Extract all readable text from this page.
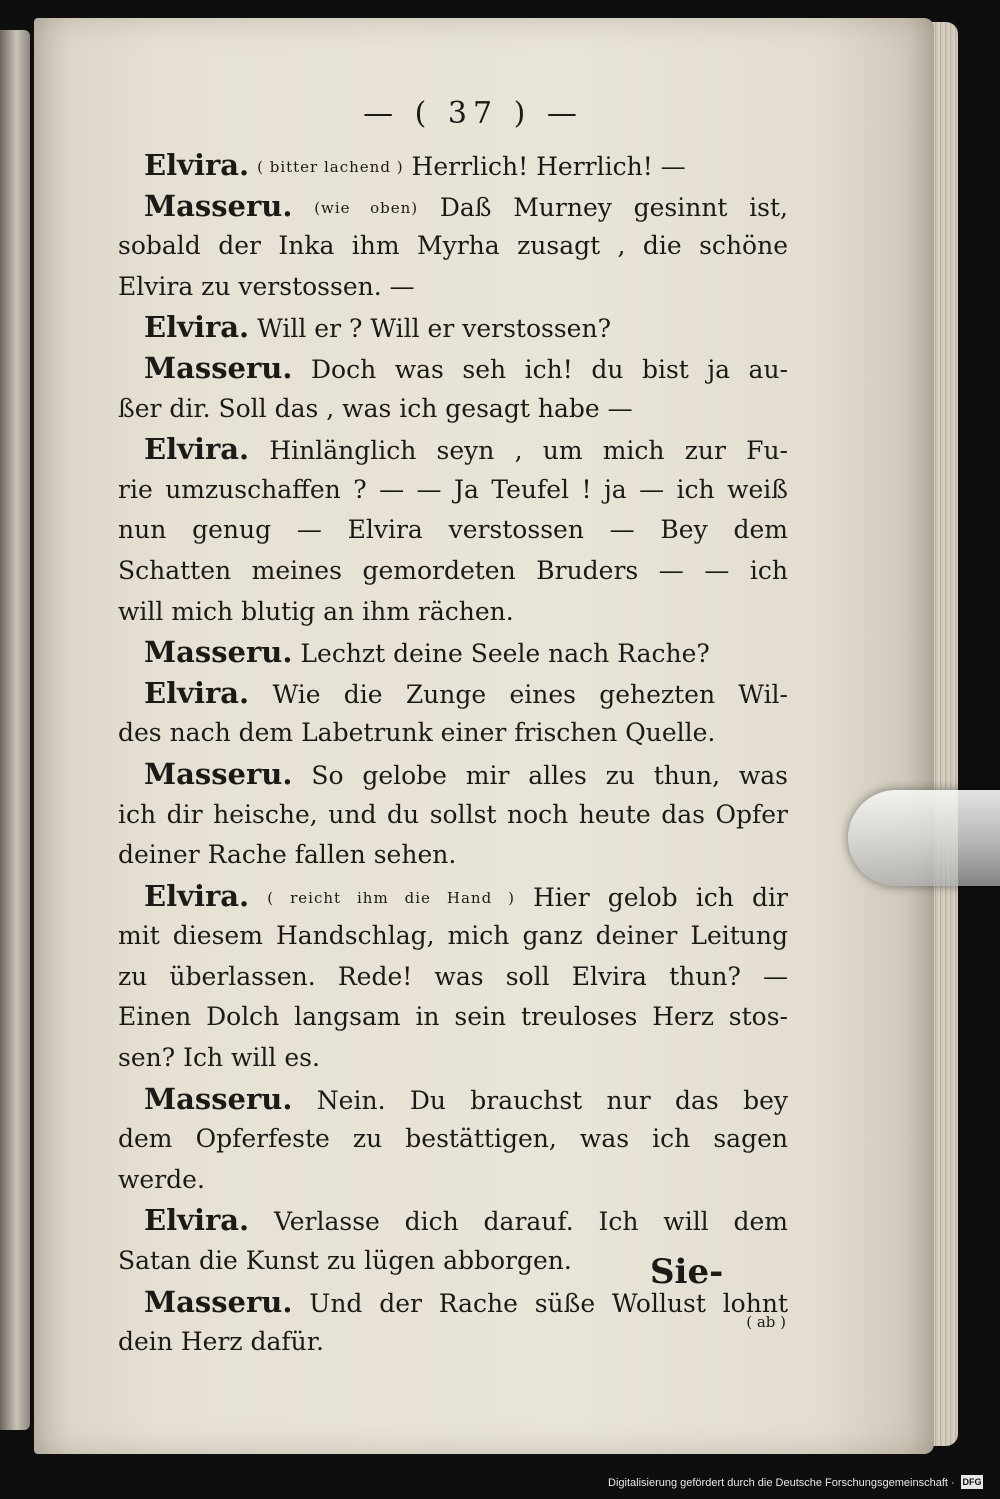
— ( 37 ) —
Elvira. ( bitter lachend ) Herrlich! Herrlich! —
Masseru. (wie oben) Daß Murney gesinnt ist,
sobald der Inka ihm Myrha zusagt , die schöne
Elvira zu verstossen. —
Elvira. Will er ? Will er verstossen?
Masseru. Doch was seh ich! du bist ja au-
ßer dir. Soll das , was ich gesagt habe —
Elvira. Hinlänglich seyn , um mich zur Fu-
rie umzuschaffen ? — — Ja Teufel ! ja — ich weiß
nun genug — Elvira verstossen — Bey dem
Schatten meines gemordeten Bruders — — ich
will mich blutig an ihm rächen.
Masseru. Lechzt deine Seele nach Rache?
Elvira. Wie die Zunge eines gehezten Wil-
des nach dem Labetrunk einer frischen Quelle.
Masseru. So gelobe mir alles zu thun, was
ich dir heische, und du sollst noch heute das Opfer
deiner Rache fallen sehen.
Elvira. ( reicht ihm die Hand ) Hier gelob ich dir
mit diesem Handschlag, mich ganz deiner Leitung
zu überlassen. Rede! was soll Elvira thun? —
Einen Dolch langsam in sein treuloses Herz stos-
sen? Ich will es.
Masseru. Nein. Du brauchst nur das bey
dem Opferfeste zu bestättigen, was ich sagen
werde.
Elvira. Verlasse dich darauf. Ich will dem
Satan die Kunst zu lügen abborgen.
Masseru. Und der Rache süße Wollust lohnt
dein Herz dafür.
( ab )
Sie-
Digitalisierung gefördert durch die Deutsche Forschungsgemeinschaft · DFG
